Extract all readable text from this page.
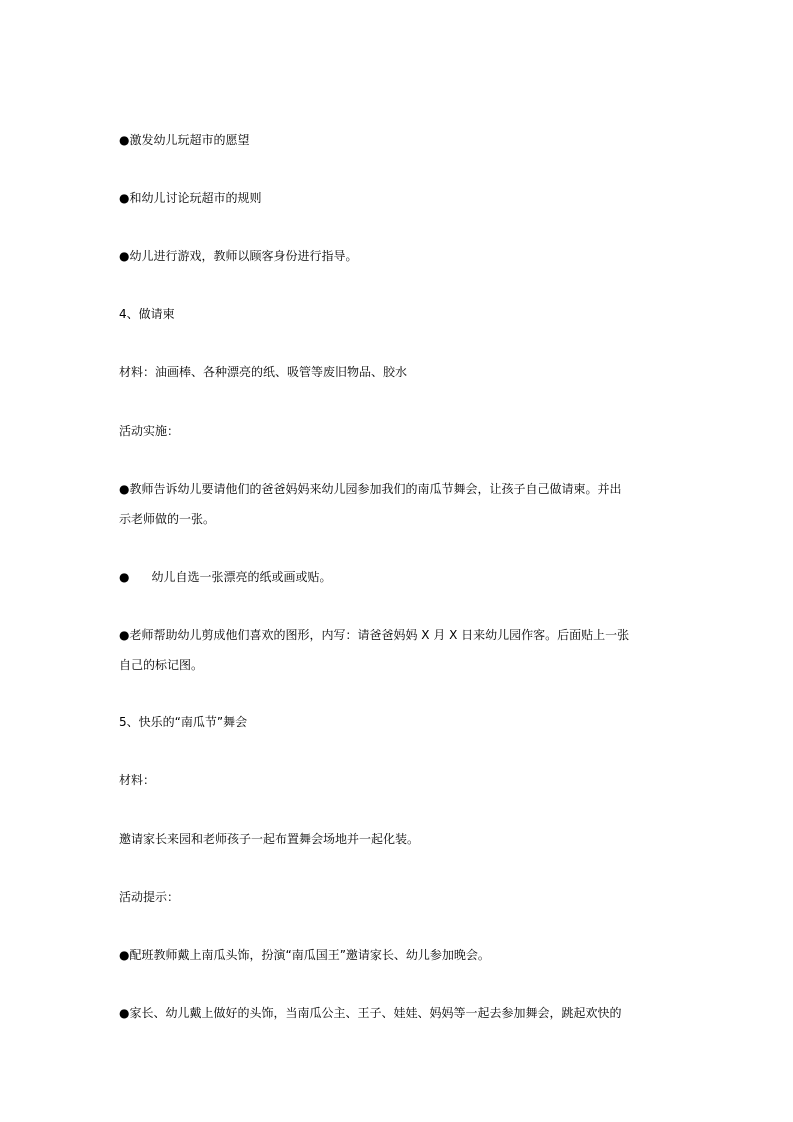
●激发幼儿玩超市的愿望
●和幼儿讨论玩超市的规则
●幼儿进行游戏，教师以顾客身份进行指导。
4、做请柬
材料：油画棒、各种漂亮的纸、吸管等废旧物品、胶水
活动实施：
●教师告诉幼儿要请他们的爸爸妈妈来幼儿园参加我们的南瓜节舞会，让孩子自己做请柬。并出
示老师做的一张。
● 幼儿自选一张漂亮的纸或画或贴。
●老师帮助幼儿剪成他们喜欢的图形，内写：请爸爸妈妈 X 月 X 日来幼儿园作客。后面贴上一张
自己的标记图。
5、快乐的“南瓜节”舞会
材料：
邀请家长来园和老师孩子一起布置舞会场地并一起化装。
活动提示：
●配班教师戴上南瓜头饰，扮演“南瓜国王”邀请家长、幼儿参加晚会。
●家长、幼儿戴上做好的头饰，当南瓜公主、王子、娃娃、妈妈等一起去参加舞会，跳起欢快的
